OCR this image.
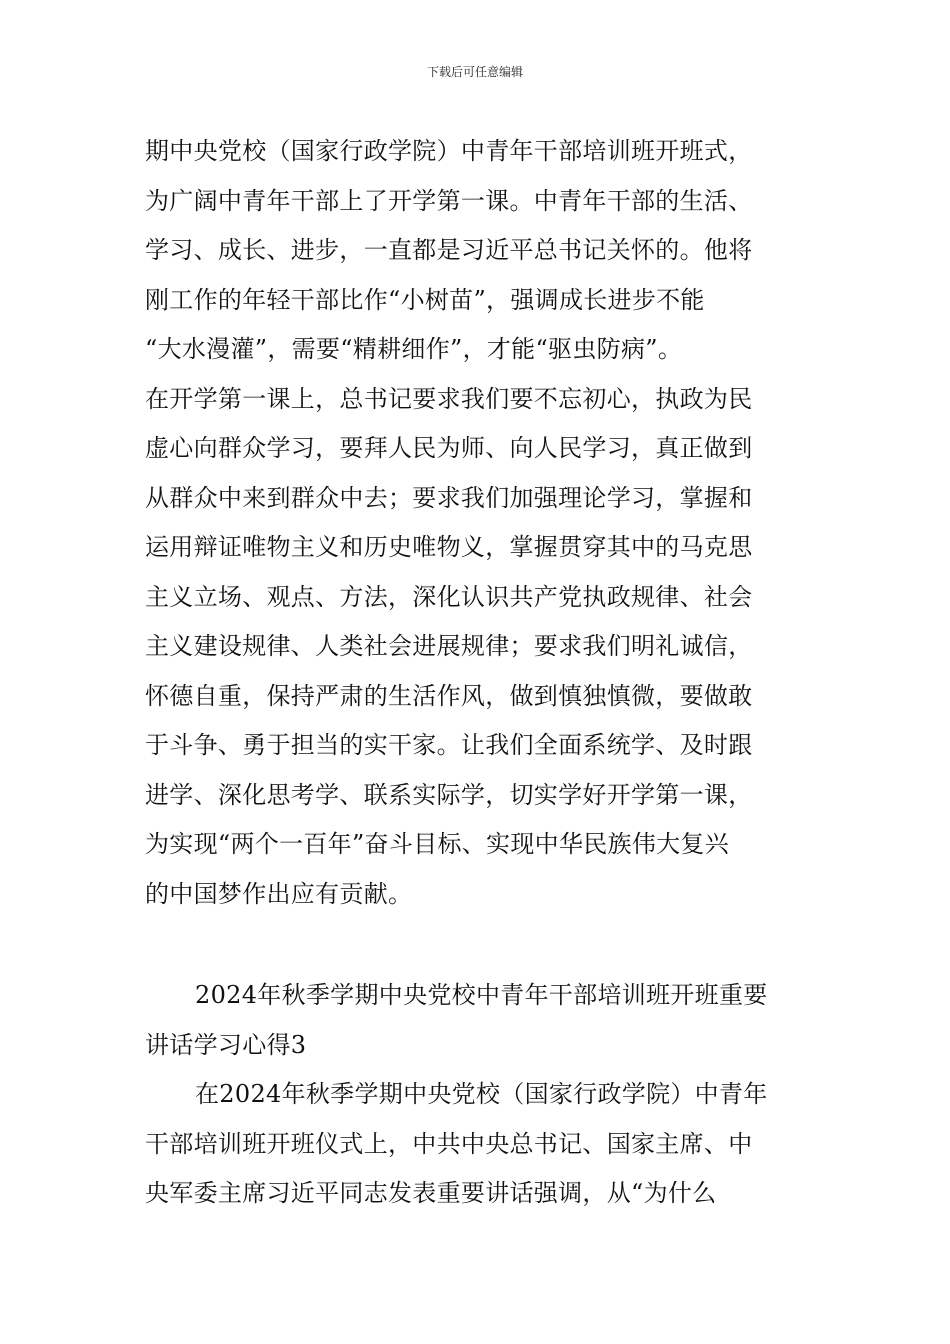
下载后可任意编辑
期中央党校（国家行政学院）中青年干部培训班开班式，
为广阔中青年干部上了开学第一课。中青年干部的生活、
学习、成长、进步，一直都是习近平总书记关怀的。他将
刚工作的年轻干部比作“小树苗”，强调成长进步不能
“大水漫灌”，需要“精耕细作”，才能“驱虫防病”。
在开学第一课上，总书记要求我们要不忘初心，执政为民
虚心向群众学习，要拜人民为师、向人民学习，真正做到
从群众中来到群众中去；要求我们加强理论学习，掌握和
运用辩证唯物主义和历史唯物义，掌握贯穿其中的马克思
主义立场、观点、方法，深化认识共产党执政规律、社会
主义建设规律、人类社会进展规律；要求我们明礼诚信，
怀德自重，保持严肃的生活作风，做到慎独慎微，要做敢
于斗争、勇于担当的实干家。让我们全面系统学、及时跟
进学、深化思考学、联系实际学，切实学好开学第一课，
为实现“两个一百年”奋斗目标、实现中华民族伟大复兴
的中国梦作出应有贡献。
2024年秋季学期中央党校中青年干部培训班开班重要
讲话学习心得3
在2024年秋季学期中央党校（国家行政学院）中青年
干部培训班开班仪式上，中共中央总书记、国家主席、中
央军委主席习近平同志发表重要讲话强调，从“为什么
